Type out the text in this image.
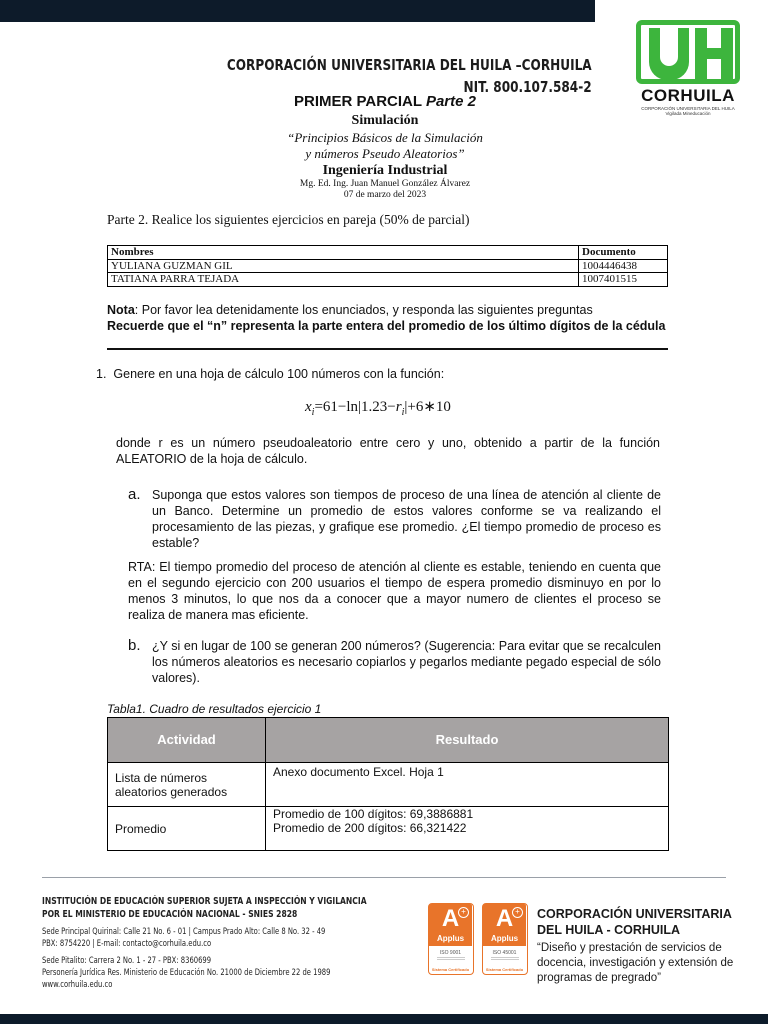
CORPORACIÓN UNIVERSITARIA DEL HUILA –CORHUILA
NIT. 800.107.584-2	CORHUILA
CORPORACIÓN UNIVERSITARIA DEL HUILA
Vigilada Mineducación
PRIMER PARCIAL Parte 2
Simulación
“Principios Básicos de la Simulación
y números Pseudo Aleatorios”
Ingeniería Industrial
Mg. Ed. Ing. Juan Manuel González Álvarez
07 de marzo del 2023
Parte 2. Realice los siguientes ejercicios en pareja (50% de parcial)
Nombres	Documento
YULIANA GUZMAN GIL	1004446438
TATIANA PARRA TEJADA	1007401515
Nota: Por favor lea detenidamente los enunciados, y responda las siguientes preguntas
Recuerde que el “n” representa la parte entera del promedio de los último dígitos de la cédula
1. Genere en una hoja de cálculo 100 números con la función:
$x_i=61-\ln|1.23-r_i|+6∗10$
donde r es un número pseudoaleatorio entre cero y uno, obtenido a partir de la función ALEATORIO de la hoja de cálculo.
a. Suponga que estos valores son tiempos de proceso de una línea de atención al cliente de un Banco. Determine un promedio de estos valores conforme se va realizando el procesamiento de las piezas, y grafique ese promedio. ¿El tiempo promedio de proceso es estable?
RTA: El tiempo promedio del proceso de atención al cliente es estable, teniendo en cuenta que en el segundo ejercicio con 200 usuarios el tiempo de espera promedio disminuyo en por lo menos 3 minutos, lo que nos da a conocer que a mayor numero de clientes el proceso se realiza de manera mas eficiente.
b. ¿Y si en lugar de 100 se generan 200 números? (Sugerencia: Para evitar que se recalculen los números aleatorios es necesario copiarlos y pegarlos mediante pegado especial de sólo valores).
Tabla1. Cuadro de resultados ejercicio 1
Actividad	Resultado
Lista de números aleatorios generados	Anexo documento Excel. Hoja 1
Promedio	Promedio de 100 dígitos: 69,3886881
Promedio de 200 dígitos: 66,321422
INSTITUCIÓN DE EDUCACIÓN SUPERIOR SUJETA A INSPECCIÓN Y VIGILANCIA
POR EL MINISTERIO DE EDUCACIÓN NACIONAL - SNIES 2828
Sede Principal Quirinal: Calle 21 No. 6 - 01 | Campus Prado Alto: Calle 8 No. 32 - 49
PBX: 8754220 | E-mail: contacto@corhuila.edu.co
Sede Pitalito: Carrera 2 No. 1 - 27 - PBX: 8360699
Personería Jurídica Res. Ministerio de Educación No. 21000 de Diciembre 22 de 1989
www.corhuila.edu.co
A +
Applus
ISO 9001
Sistema Certificado
A +
Applus
ISO 45001
Sistema Certificado
CORPORACIÓN UNIVERSITARIA
DEL HUILA - CORHUILA
“Diseño y prestación de servicios de docencia, investigación y extensión de programas de pregrado”
